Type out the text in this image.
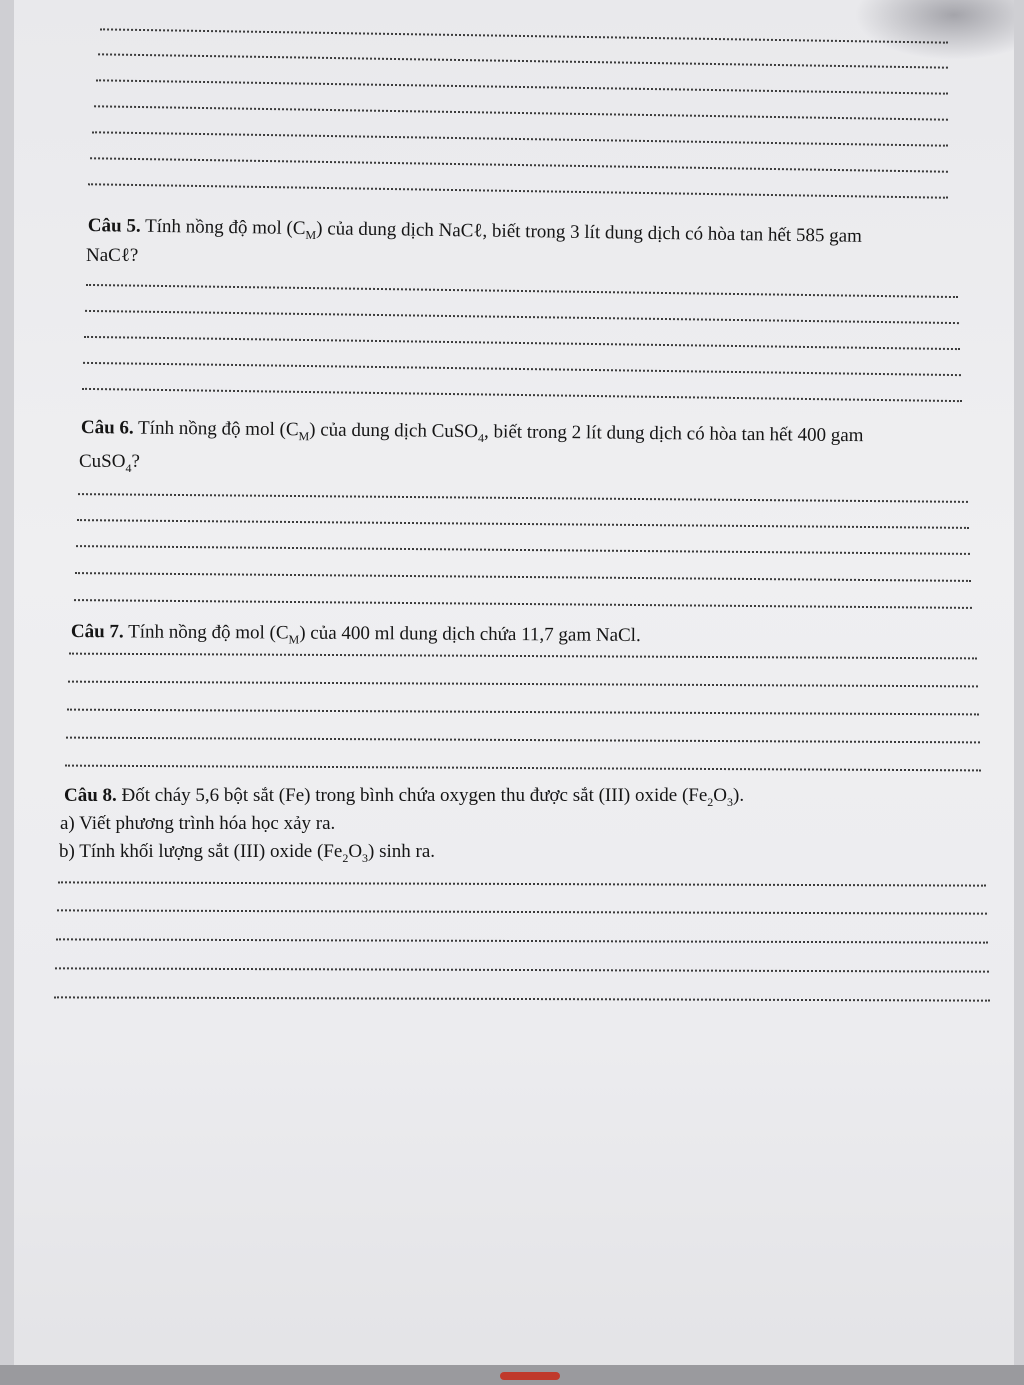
Câu 5. Tính nồng độ mol $(C_M)$ của dung dịch NaCℓ, biết trong 3 lít dung dịch có hòa tan hết 585 gam
NaCℓ?
Câu 6. Tính nồng độ mol $(C_M)$ của dung dịch CuSO$_4$, biết trong 2 lít dung dịch có hòa tan hết 400 gam
CuSO$_4$?
Câu 7. Tính nồng độ mol $(C_M)$ của 400 ml dung dịch chứa 11,7 gam NaCl.
Câu 8. Đốt cháy 5,6 bột sắt (Fe) trong bình chứa oxygen thu được sắt (III) oxide $(Fe_2O_3)$.
a) Viết phương trình hóa học xảy ra.
b) Tính khối lượng sắt (III) oxide $(Fe_2O_3)$ sinh ra.
